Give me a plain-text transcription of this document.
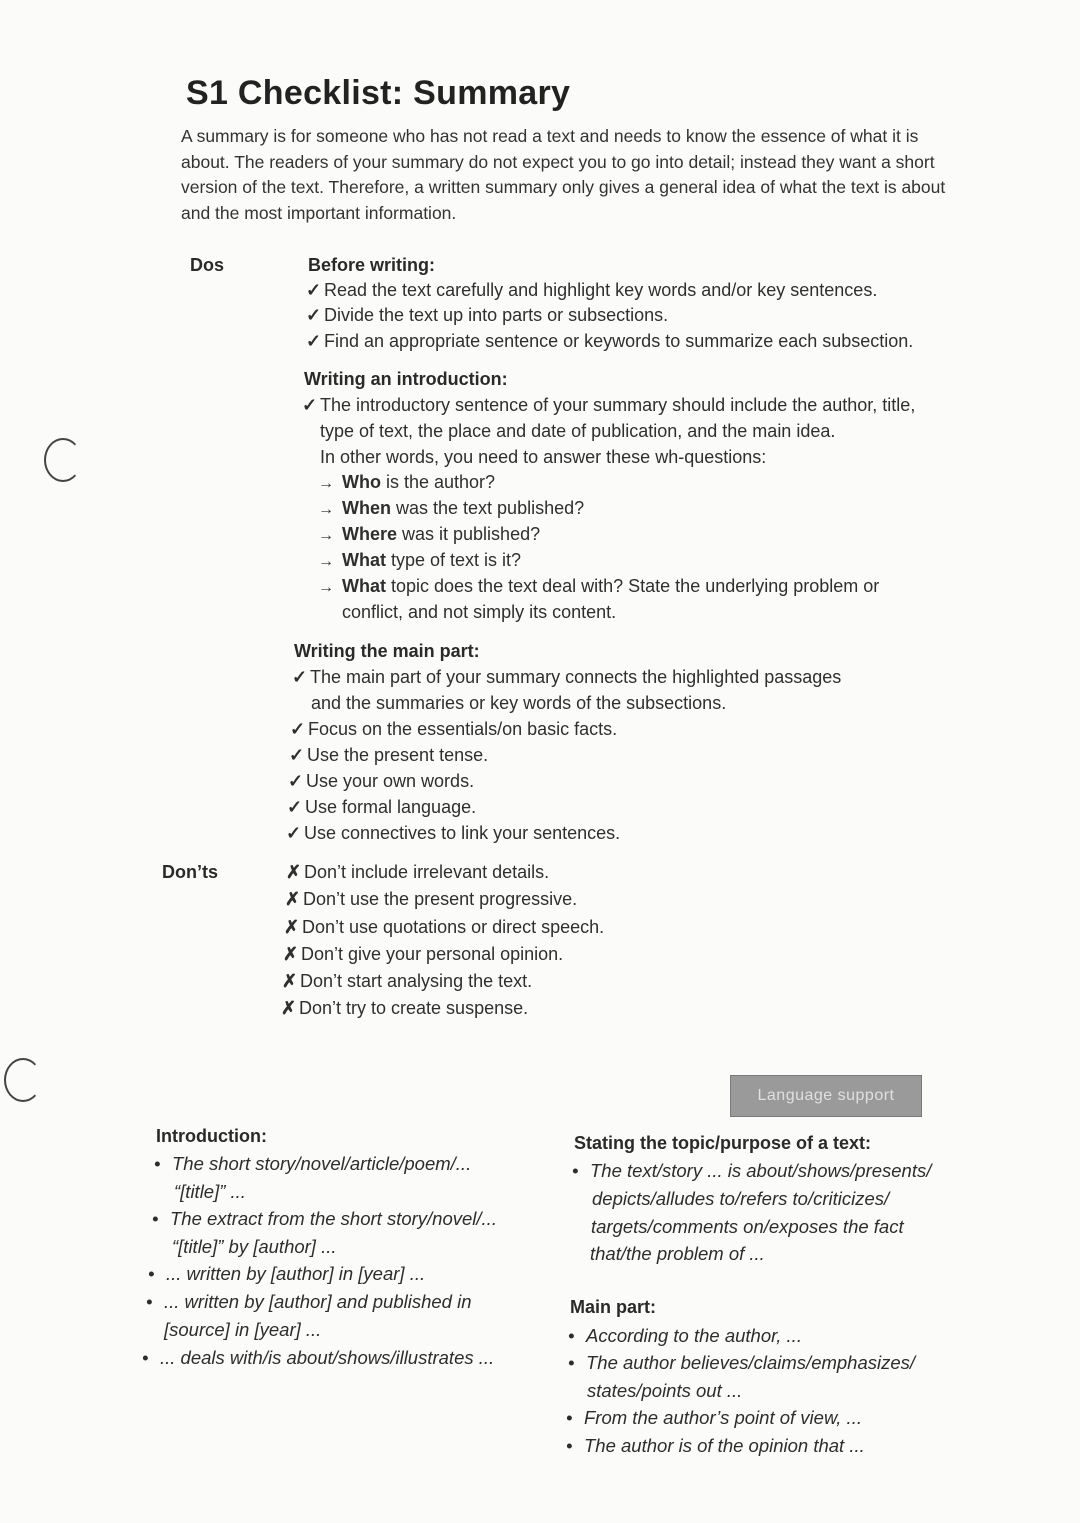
S1 Checklist: Summary
A summary is for someone who has not read a text and needs to know the essence of what it is
about. The readers of your summary do not expect you to go into detail; instead they want a short
version of the text. Therefore, a written summary only gives a general idea of what the text is about
and the most important information.
Dos	Before writing:
✓ Read the text carefully and highlight key words and/or key sentences.
✓ Divide the text up into parts or subsections.
✓ Find an appropriate sentence or keywords to summarize each subsection.
Writing an introduction:
✓ The introductory sentence of your summary should include the author, title,
type of text, the place and date of publication, and the main idea.
In other words, you need to answer these wh-questions:
→ Who is the author?
→ When was the text published?
→ Where was it published?
→ What type of text is it?
→ What topic does the text deal with? State the underlying problem or
conflict, and not simply its content.
Writing the main part:
✓ The main part of your summary connects the highlighted passages
and the summaries or key words of the subsections.
✓ Focus on the essentials/on basic facts.
✓ Use the present tense.
✓ Use your own words.
✓ Use formal language.
✓ Use connectives to link your sentences.
Don’ts	✗ Don’t include irrelevant details.
✗ Don’t use the present progressive.
✗ Don’t use quotations or direct speech.
✗ Don’t give your personal opinion.
✗ Don’t start analysing the text.
✗ Don’t try to create suspense.
Language support
Introduction:
• The short story/novel/article/poem/...
“[title]” ...
• The extract from the short story/novel/...
“[title]” by [author] ...
• ... written by [author] in [year] ...
• ... written by [author] and published in
[source] in [year] ...
• ... deals with/is about/shows/illustrates ...
Stating the topic/purpose of a text:
• The text/story ... is about/shows/presents/
depicts/alludes to/refers to/criticizes/
targets/comments on/exposes the fact
that/the problem of ...
Main part:
• According to the author, ...
• The author believes/claims/emphasizes/
states/points out ...
• From the author’s point of view, ...
• The author is of the opinion that ...
